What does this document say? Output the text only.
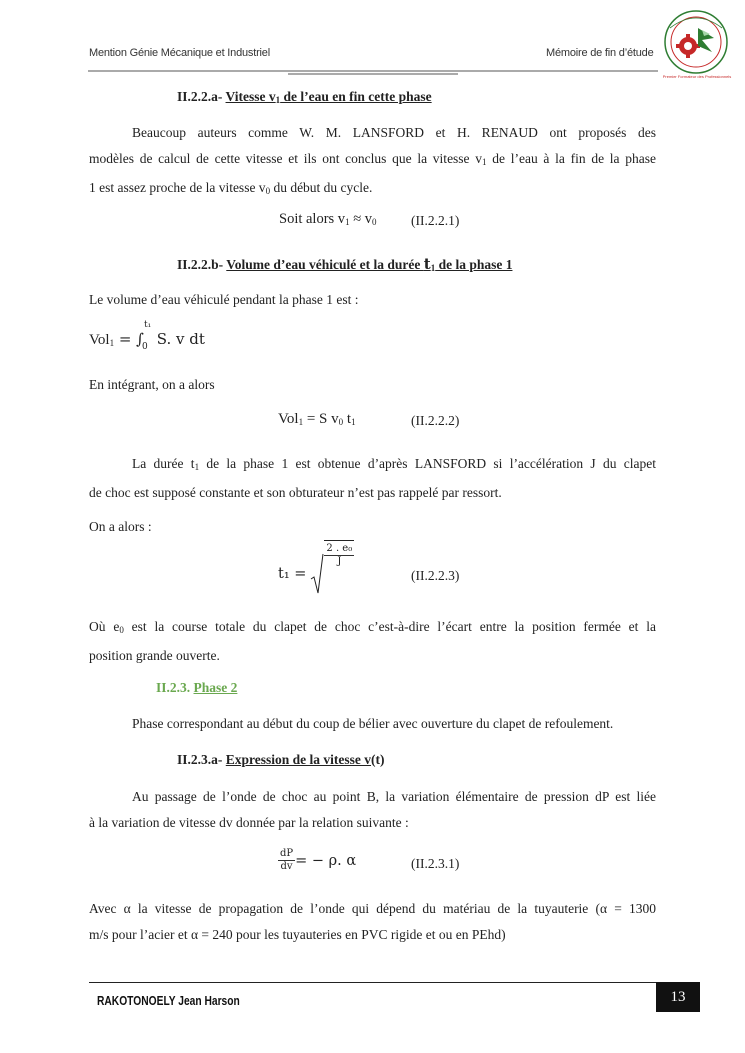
Mention Génie Mécanique et Industriel	Mémoire de fin d’étude
Premier Formateur des Professionnels
II.2.2.a- Vitesse $v_1$ de l’eau en fin cette phase
Beaucoup auteurs comme W. M. LANSFORD et H. RENAUD ont proposés des
modèles de calcul de cette vitesse et ils ont conclus que la vitesse $v_1$ de l’eau à la fin de la phase
1 est assez proche de la vitesse $v_0$ du début du cycle.
Soit alors $v_1 \approx v_0$	(II.2.2.1)
II.2.2.b- Volume d’eau véhiculé et la durée $t_1$ de la phase 1
Le volume d’eau véhiculé pendant la phase 1 est :
Vol$_1$ = ∫
t₁
0 S. v dt
En intégrant, on a alors
Vol$_1$ = S $v_0$ $t_1$	(II.2.2.2)
La durée $t_1$ de la phase 1 est obtenue d’après LANSFORD si l’accélération J du clapet
de choc est supposé constante et son obturateur n’est pas rappelé par ressort.
On a alors :
t₁ =
$\frac{\text{2 . e₀}}{J}$
(II.2.2.3)
Où $e_0$ est la course totale du clapet de choc c’est-à-dire l’écart entre la position fermée et la
position grande ouverte.
II.2.3. Phase 2
Phase correspondant au début du coup de bélier avec ouverture du clapet de refoulement.
II.2.3.a- Expression de la vitesse v(t)
Au passage de l’onde de choc au point B, la variation élémentaire de pression dP est liée
à la variation de vitesse dv donnée par la relation suivante :
$\frac{dP}{dv}$ = − ρ. α	(II.2.3.1)
Avec α la vitesse de propagation de l’onde qui dépend du matériau de la tuyauterie (α = 1300
m/s pour l’acier et α = 240 pour les tuyauteries en PVC rigide et ou en PEhd)
RAKOTONOELY Jean Harson	13
